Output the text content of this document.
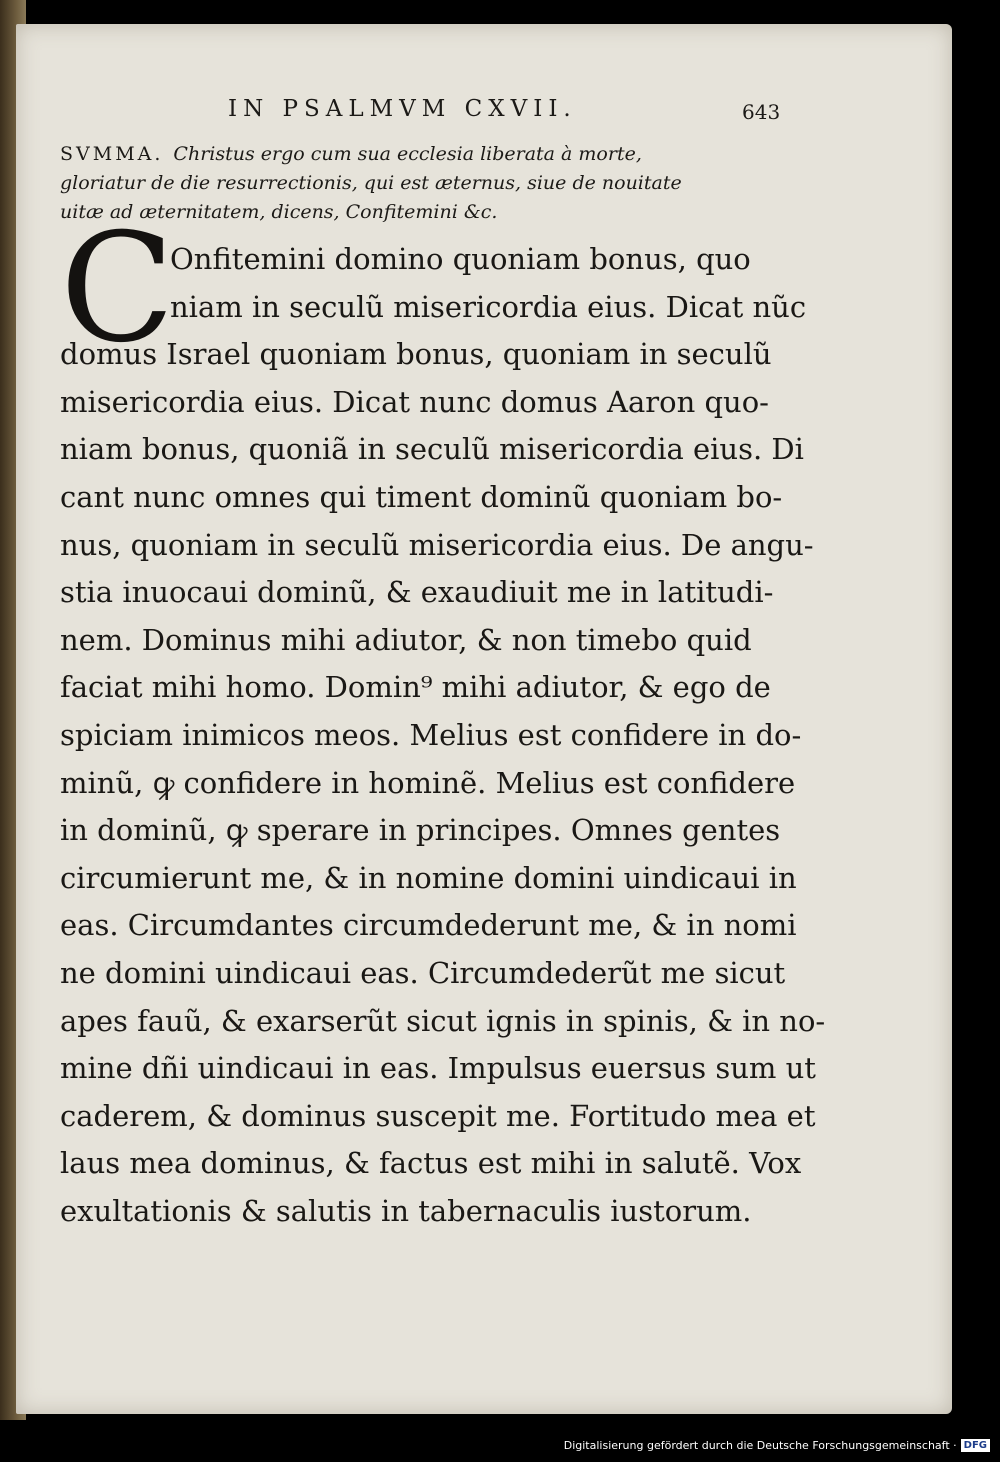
IN PSALMVM CXVII.	643
SVMMA. Christus ergo cum sua ecclesia liberata à morte, gloriatur de die resurrectionis, qui est æternus, siue de nouitate uitæ ad æternitatem, dicens, Confitemini &c.
C
Onfitemini domino quoniam bonus, quo
niam in seculũ misericordia eius. Dicat nũc
domus Israel quoniam bonus, quoniam in seculũ
misericordia eius. Dicat nunc domus Aaron quo-
niam bonus, quoniã in seculũ misericordia eius. Di
cant nunc omnes qui timent dominũ quoniam bo-
nus, quoniam in seculũ misericordia eius. De angu-
stia inuocaui dominũ, & exaudiuit me in latitudi-
nem. Dominus mihi adiutor, & non timebo quid
faciat mihi homo. Domin⁹ mihi adiutor, & ego de
spiciam inimicos meos. Melius est confidere in do-
minũ, ꝙ confidere in hominẽ. Melius est confidere
in dominũ, ꝙ sperare in principes. Omnes gentes
circumierunt me, & in nomine domini uindicaui in
eas. Circumdantes circumdederunt me, & in nomi
ne domini uindicaui eas. Circumdederũt me sicut
apes fauũ, & exarserũt sicut ignis in spinis, & in no-
mine dñi uindicaui in eas. Impulsus euersus sum ut
caderem, & dominus suscepit me. Fortitudo mea et
laus mea dominus, & factus est mihi in salutẽ. Vox
exultationis & salutis in tabernaculis iustorum.
Digitalisierung gefördert durch die Deutsche Forschungsgemeinschaft · DFG
